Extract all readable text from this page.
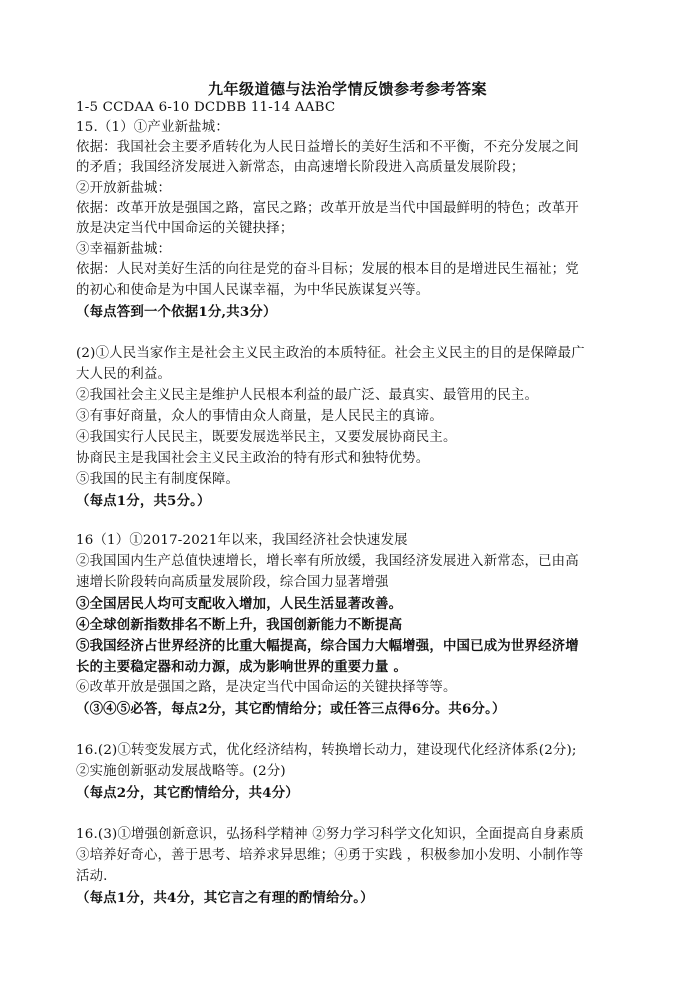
九年级道德与法治学情反馈参考参考答案
1-5 CCDAA 6-10 DCDBB 11-14 AABC
15.（1）①产业新盐城：
依据：我国社会主要矛盾转化为人民日益增长的美好生活和不平衡，不充分发展之间
的矛盾；我国经济发展进入新常态，由高速增长阶段进入高质量发展阶段；
②开放新盐城：
依据：改革开放是强国之路，富民之路；改革开放是当代中国最鲜明的特色；改革开
放是决定当代中国命运的关键抉择；
③幸福新盐城：
依据：人民对美好生活的向往是党的奋斗目标；发展的根本目的是增进民生福祉；党
的初心和使命是为中国人民谋幸福，为中华民族谋复兴等。
（每点答到一个依据1分,共3分）
(2)①人民当家作主是社会主义民主政治的本质特征。社会主义民主的目的是保障最广
大人民的利益。
②我国社会主义民主是维护人民根本利益的最广泛、最真实、最管用的民主。
③有事好商量，众人的事情由众人商量，是人民民主的真谛。
④我国实行人民民主，既要发展选举民主，又要发展协商民主。
协商民主是我国社会主义民主政治的特有形式和独特优势。
⑤我国的民主有制度保障。
（每点1分，共5分。）
16（1）①2017-2021年以来，我国经济社会快速发展
②我国国内生产总值快速增长，增长率有所放缓，我国经济发展进入新常态，已由高
速增长阶段转向高质量发展阶段，综合国力显著增强
③全国居民人均可支配收入增加，人民生活显著改善。
④全球创新指数排名不断上升，我国创新能力不断提高
⑤我国经济占世界经济的比重大幅提高，综合国力大幅增强，中国已成为世界经济增
长的主要稳定器和动力源，成为影响世界的重要力量 。
⑥改革开放是强国之路，是决定当代中国命运的关键抉择等等。
（③④⑤必答，每点2分，其它酌情给分；或任答三点得6分。共6分。）
16.(2)①转变发展方式，优化经济结构，转换增长动力，建设现代化经济体系(2分);
②实施创新驱动发展战略等。(2分)
（每点2分，其它酌情给分，共4分）
16.(3)①增强创新意识，弘扬科学精神 ②努力学习科学文化知识，全面提高自身素质
③培养好奇心，善于思考、培养求异思维；④勇于实践 ，积极参加小发明、小制作等
活动.
（每点1分，共4分，其它言之有理的酌情给分。）
